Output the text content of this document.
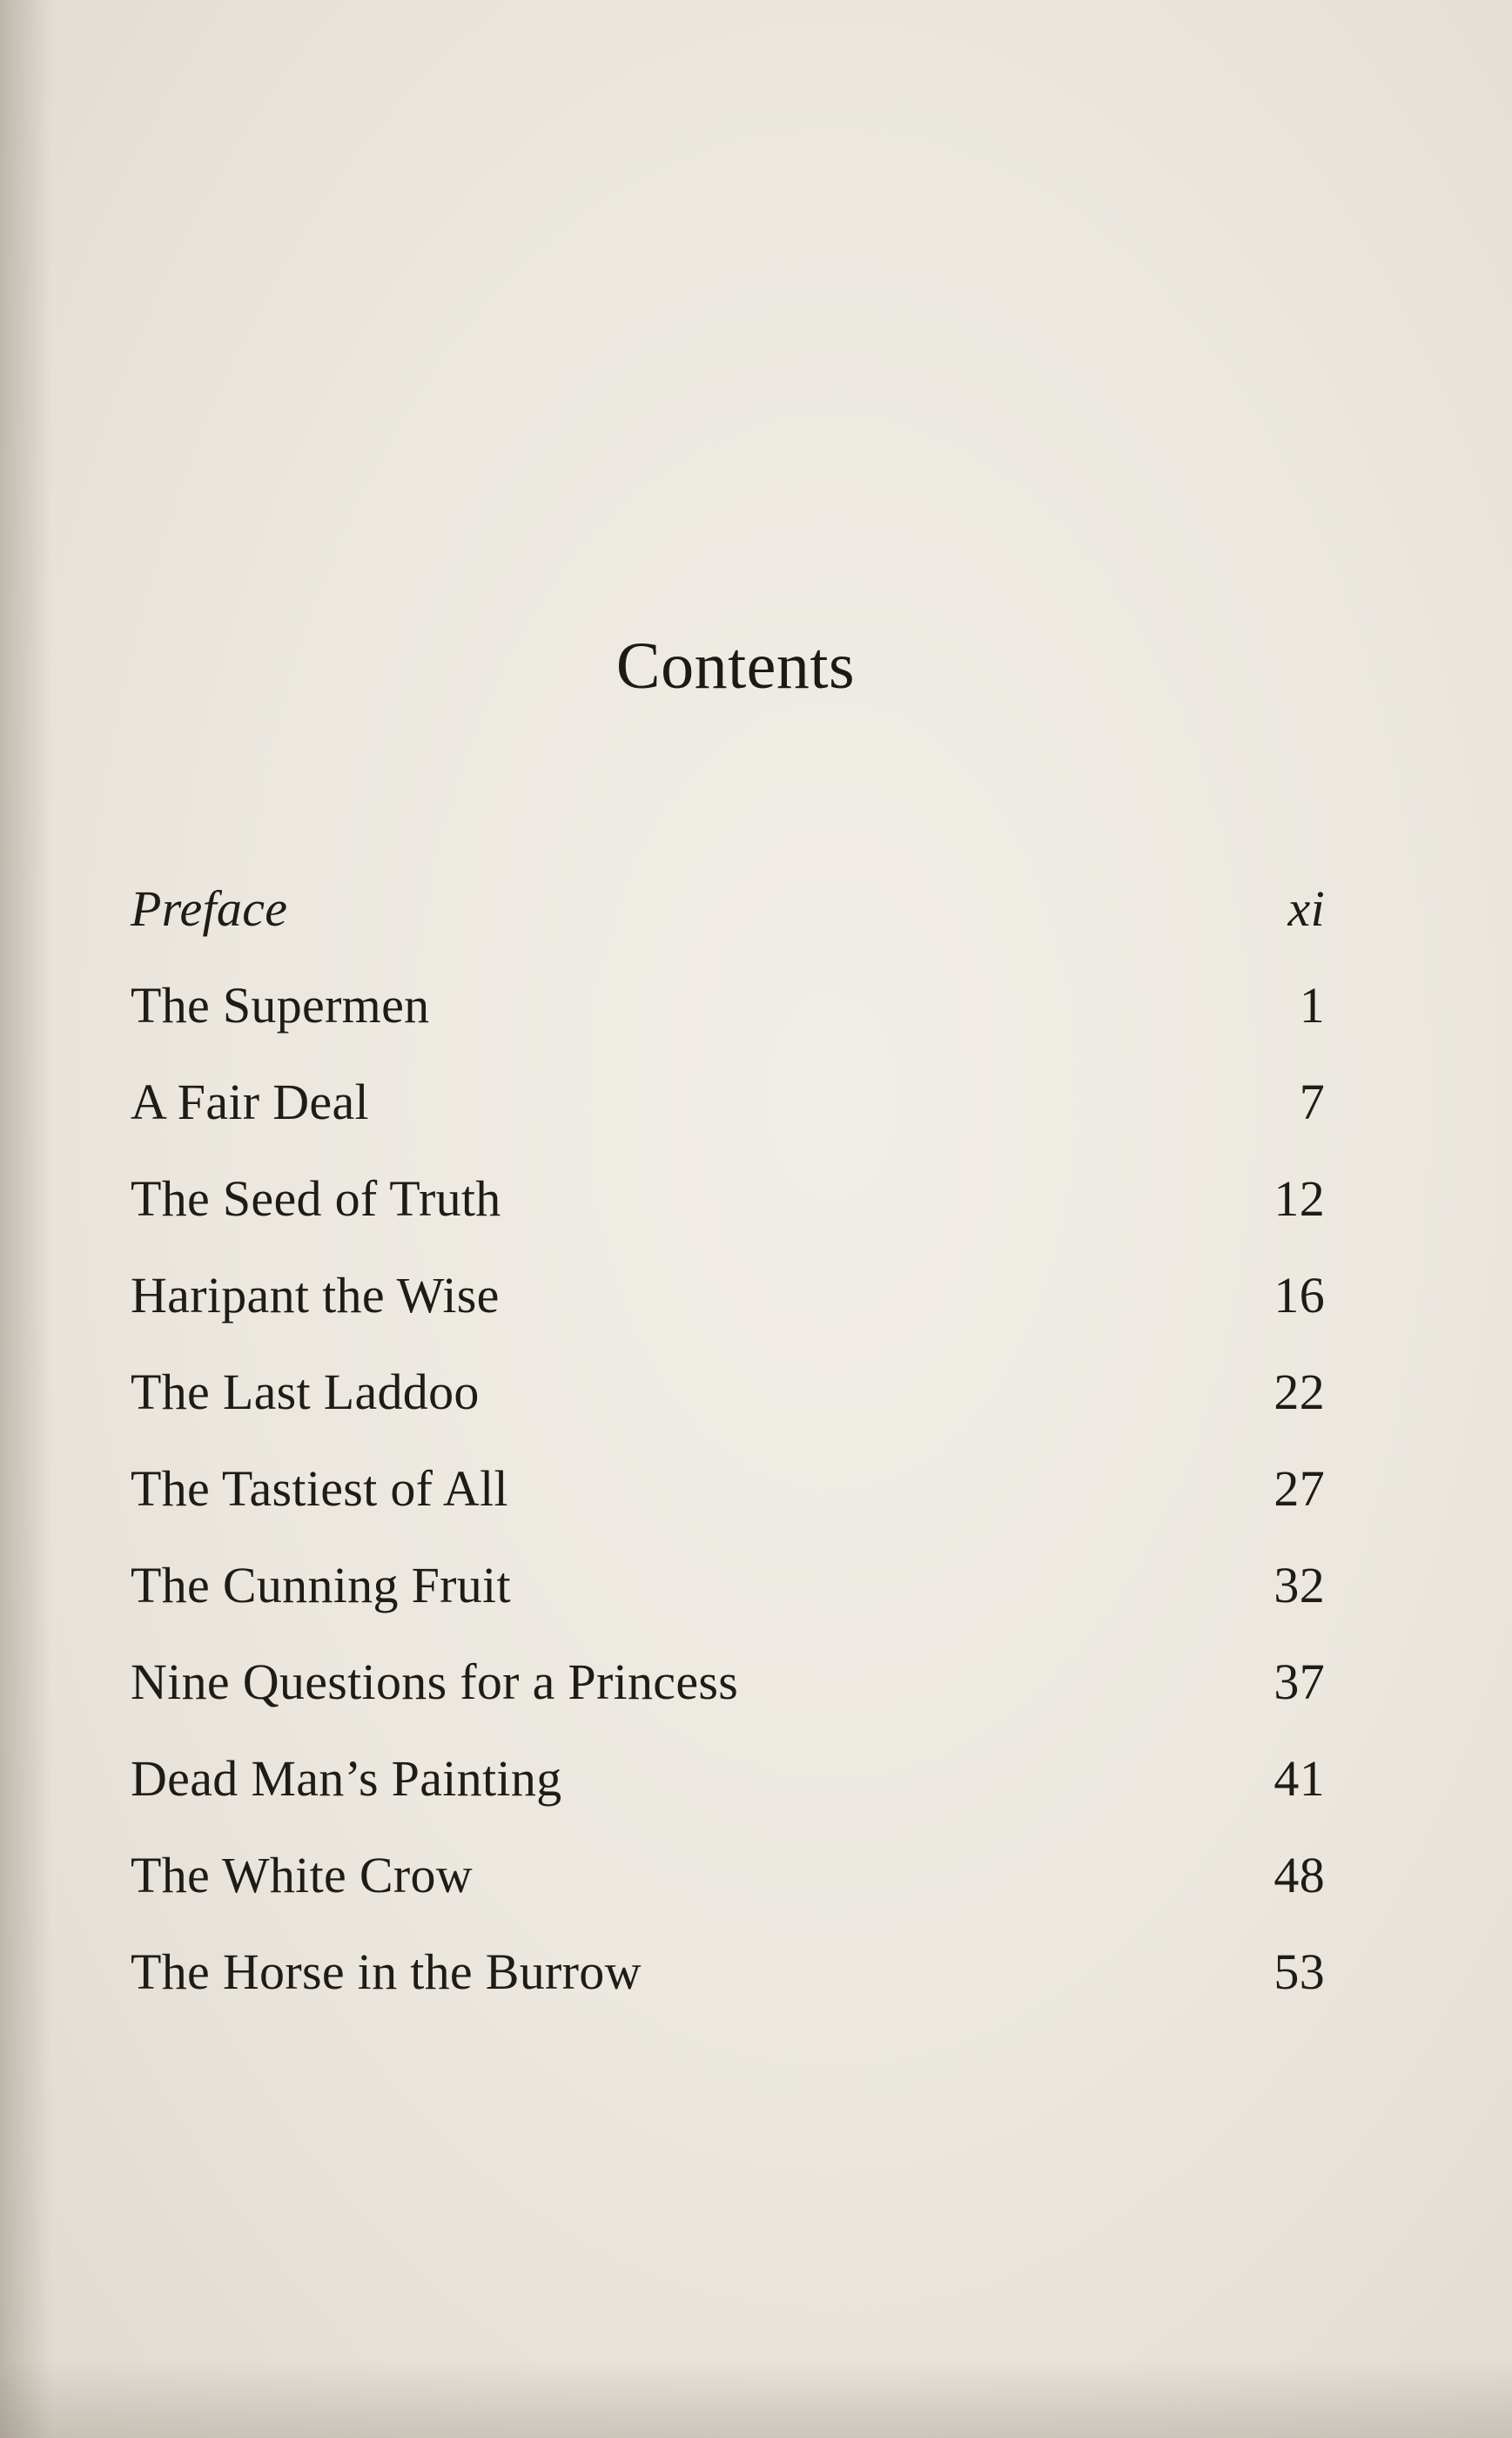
Contents
Preface	xi
The Supermen	1
A Fair Deal	7
The Seed of Truth	12
Haripant the Wise	16
The Last Laddoo	22
The Tastiest of All	27
The Cunning Fruit	32
Nine Questions for a Princess	37
Dead Man’s Painting	41
The White Crow	48
The Horse in the Burrow	53
